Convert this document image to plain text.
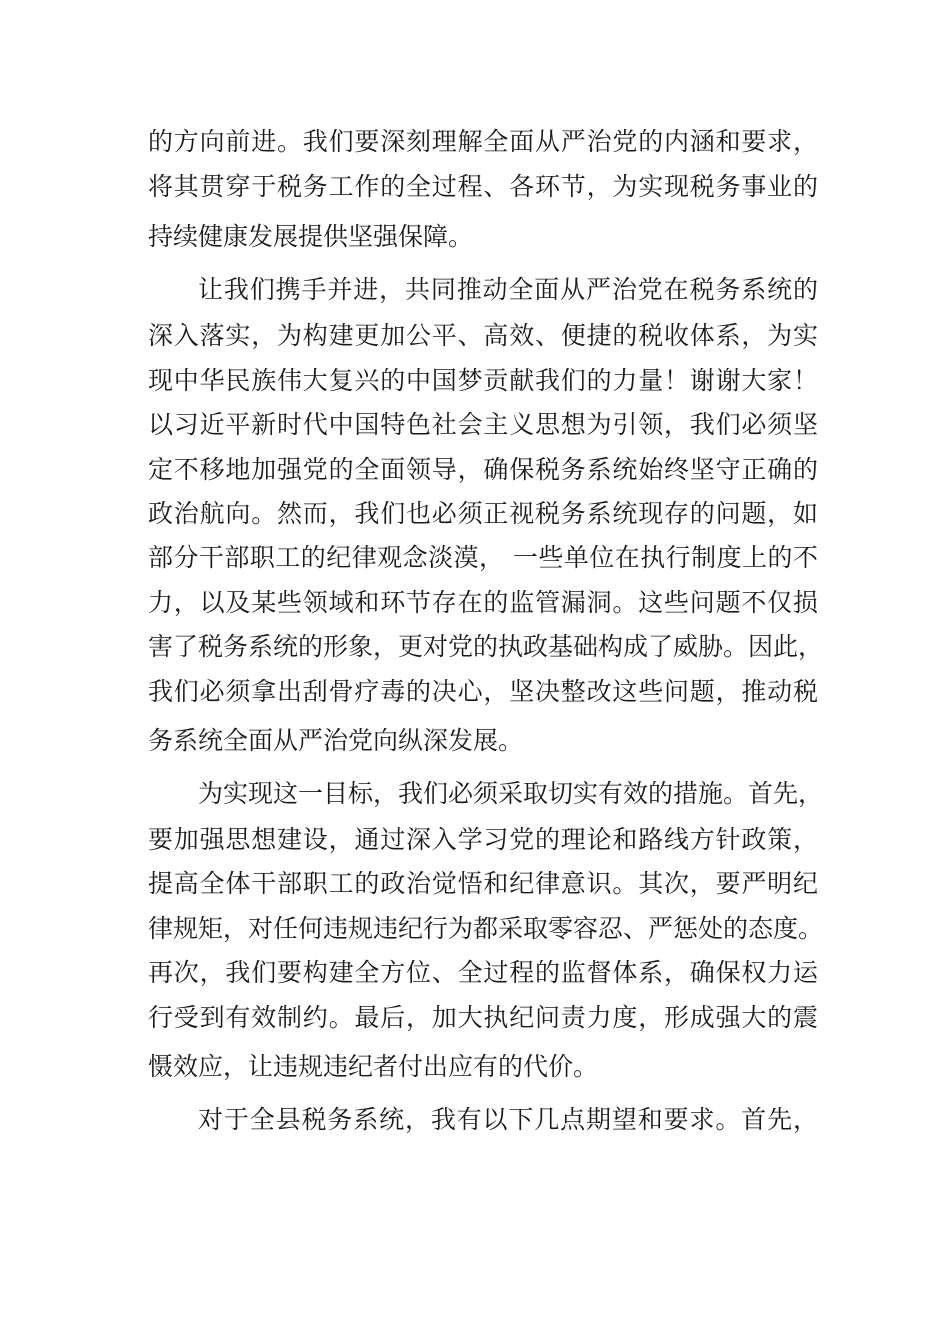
的方向前进。我们要深刻理解全面从严治党的内涵和要求，
将其贯穿于税务工作的全过程、各环节，为实现税务事业的
持续健康发展提供坚强保障。
让我们携手并进，共同推动全面从严治党在税务系统的
深入落实，为构建更加公平、高效、便捷的税收体系，为实
现中华民族伟大复兴的中国梦贡献我们的力量！谢谢大家！
以习近平新时代中国特色社会主义思想为引领，我们必须坚
定不移地加强党的全面领导，确保税务系统始终坚守正确的
政治航向。然而，我们也必须正视税务系统现存的问题，如
部分干部职工的纪律观念淡漠， 一些单位在执行制度上的不
力，以及某些领域和环节存在的监管漏洞。这些问题不仅损
害了税务系统的形象，更对党的执政基础构成了威胁。因此，
我们必须拿出刮骨疗毒的决心，坚决整改这些问题，推动税
务系统全面从严治党向纵深发展。
为实现这一目标，我们必须采取切实有效的措施。首先，
要加强思想建设，通过深入学习党的理论和路线方针政策，
提高全体干部职工的政治觉悟和纪律意识。其次，要严明纪
律规矩，对任何违规违纪行为都采取零容忍、严惩处的态度。
再次，我们要构建全方位、全过程的监督体系，确保权力运
行受到有效制约。最后，加大执纪问责力度，形成强大的震
慑效应，让违规违纪者付出应有的代价。
对于全县税务系统，我有以下几点期望和要求。首先，
